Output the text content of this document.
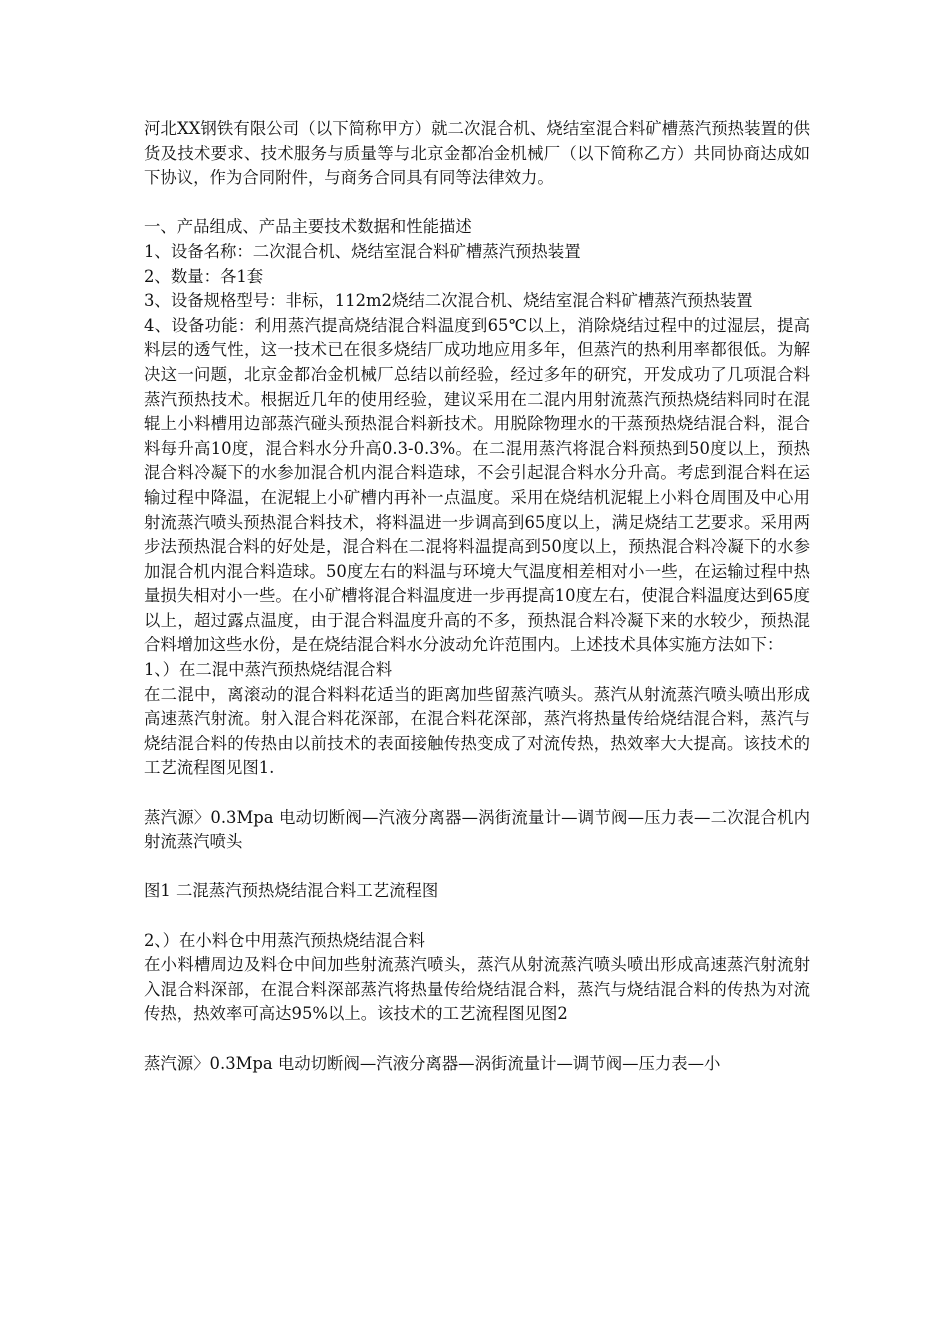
河北XX钢铁有限公司（以下简称甲方）就二次混合机、烧结室混合料矿槽蒸汽预热装置的供货及技术要求、技术服务与质量等与北京金都冶金机械厂（以下简称乙方）共同协商达成如下协议，作为合同附件，与商务合同具有同等法律效力。

一、产品组成、产品主要技术数据和性能描述

1、设备名称：二次混合机、烧结室混合料矿槽蒸汽预热装置

2、数量：各1套

3、设备规格型号：非标，112m2烧结二次混合机、烧结室混合料矿槽蒸汽预热装置

4、设备功能：利用蒸汽提高烧结混合料温度到65℃以上，消除烧结过程中的过湿层，提高料层的透气性，这一技术已在很多烧结厂成功地应用多年，但蒸汽的热利用率都很低。为解决这一问题，北京金都冶金机械厂总结以前经验，经过多年的研究，开发成功了几项混合料蒸汽预热技术。根据近几年的使用经验，建议采用在二混内用射流蒸汽预热烧结料同时在混辊上小料槽用边部蒸汽碰头预热混合料新技术。用脱除物理水的干蒸预热烧结混合料，混合料每升高10度，混合料水分升高0.3-0.3%。在二混用蒸汽将混合料预热到50度以上，预热混合料冷凝下的水参加混合机内混合料造球，不会引起混合料水分升高。考虑到混合料在运输过程中降温，在泥辊上小矿槽内再补一点温度。采用在烧结机泥辊上小料仓周围及中心用射流蒸汽喷头预热混合料技术，将料温进一步调高到65度以上，满足烧结工艺要求。采用两步法预热混合料的好处是，混合料在二混将料温提高到50度以上，预热混合料冷凝下的水参加混合机内混合料造球。50度左右的料温与环境大气温度相差相对小一些，在运输过程中热量损失相对小一些。在小矿槽将混合料温度进一步再提高10度左右，使混合料温度达到65度以上，超过露点温度，由于混合料温度升高的不多，预热混合料冷凝下来的水较少，预热混合料增加这些水份，是在烧结混合料水分波动允许范围内。上述技术具体实施方法如下：

1、）在二混中蒸汽预热烧结混合料

在二混中，离滚动的混合料料花适当的距离加些留蒸汽喷头。蒸汽从射流蒸汽喷头喷出形成高速蒸汽射流。射入混合料花深部，在混合料花深部，蒸汽将热量传给烧结混合料，蒸汽与烧结混合料的传热由以前技术的表面接触传热变成了对流传热，热效率大大提高。该技术的工艺流程图见图1.

蒸汽源〉0.3Mpa 电动切断阀—汽液分离器—涡街流量计—调节阀—压力表—二次混合机内射流蒸汽喷头

图1 二混蒸汽预热烧结混合料工艺流程图

2、）在小料仓中用蒸汽预热烧结混合料

在小料槽周边及料仓中间加些射流蒸汽喷头，蒸汽从射流蒸汽喷头喷出形成高速蒸汽射流射入混合料深部，在混合料深部蒸汽将热量传给烧结混合料，蒸汽与烧结混合料的传热为对流传热，热效率可高达95%以上。该技术的工艺流程图见图2

蒸汽源〉0.3Mpa 电动切断阀—汽液分离器—涡街流量计—调节阀—压力表—小
